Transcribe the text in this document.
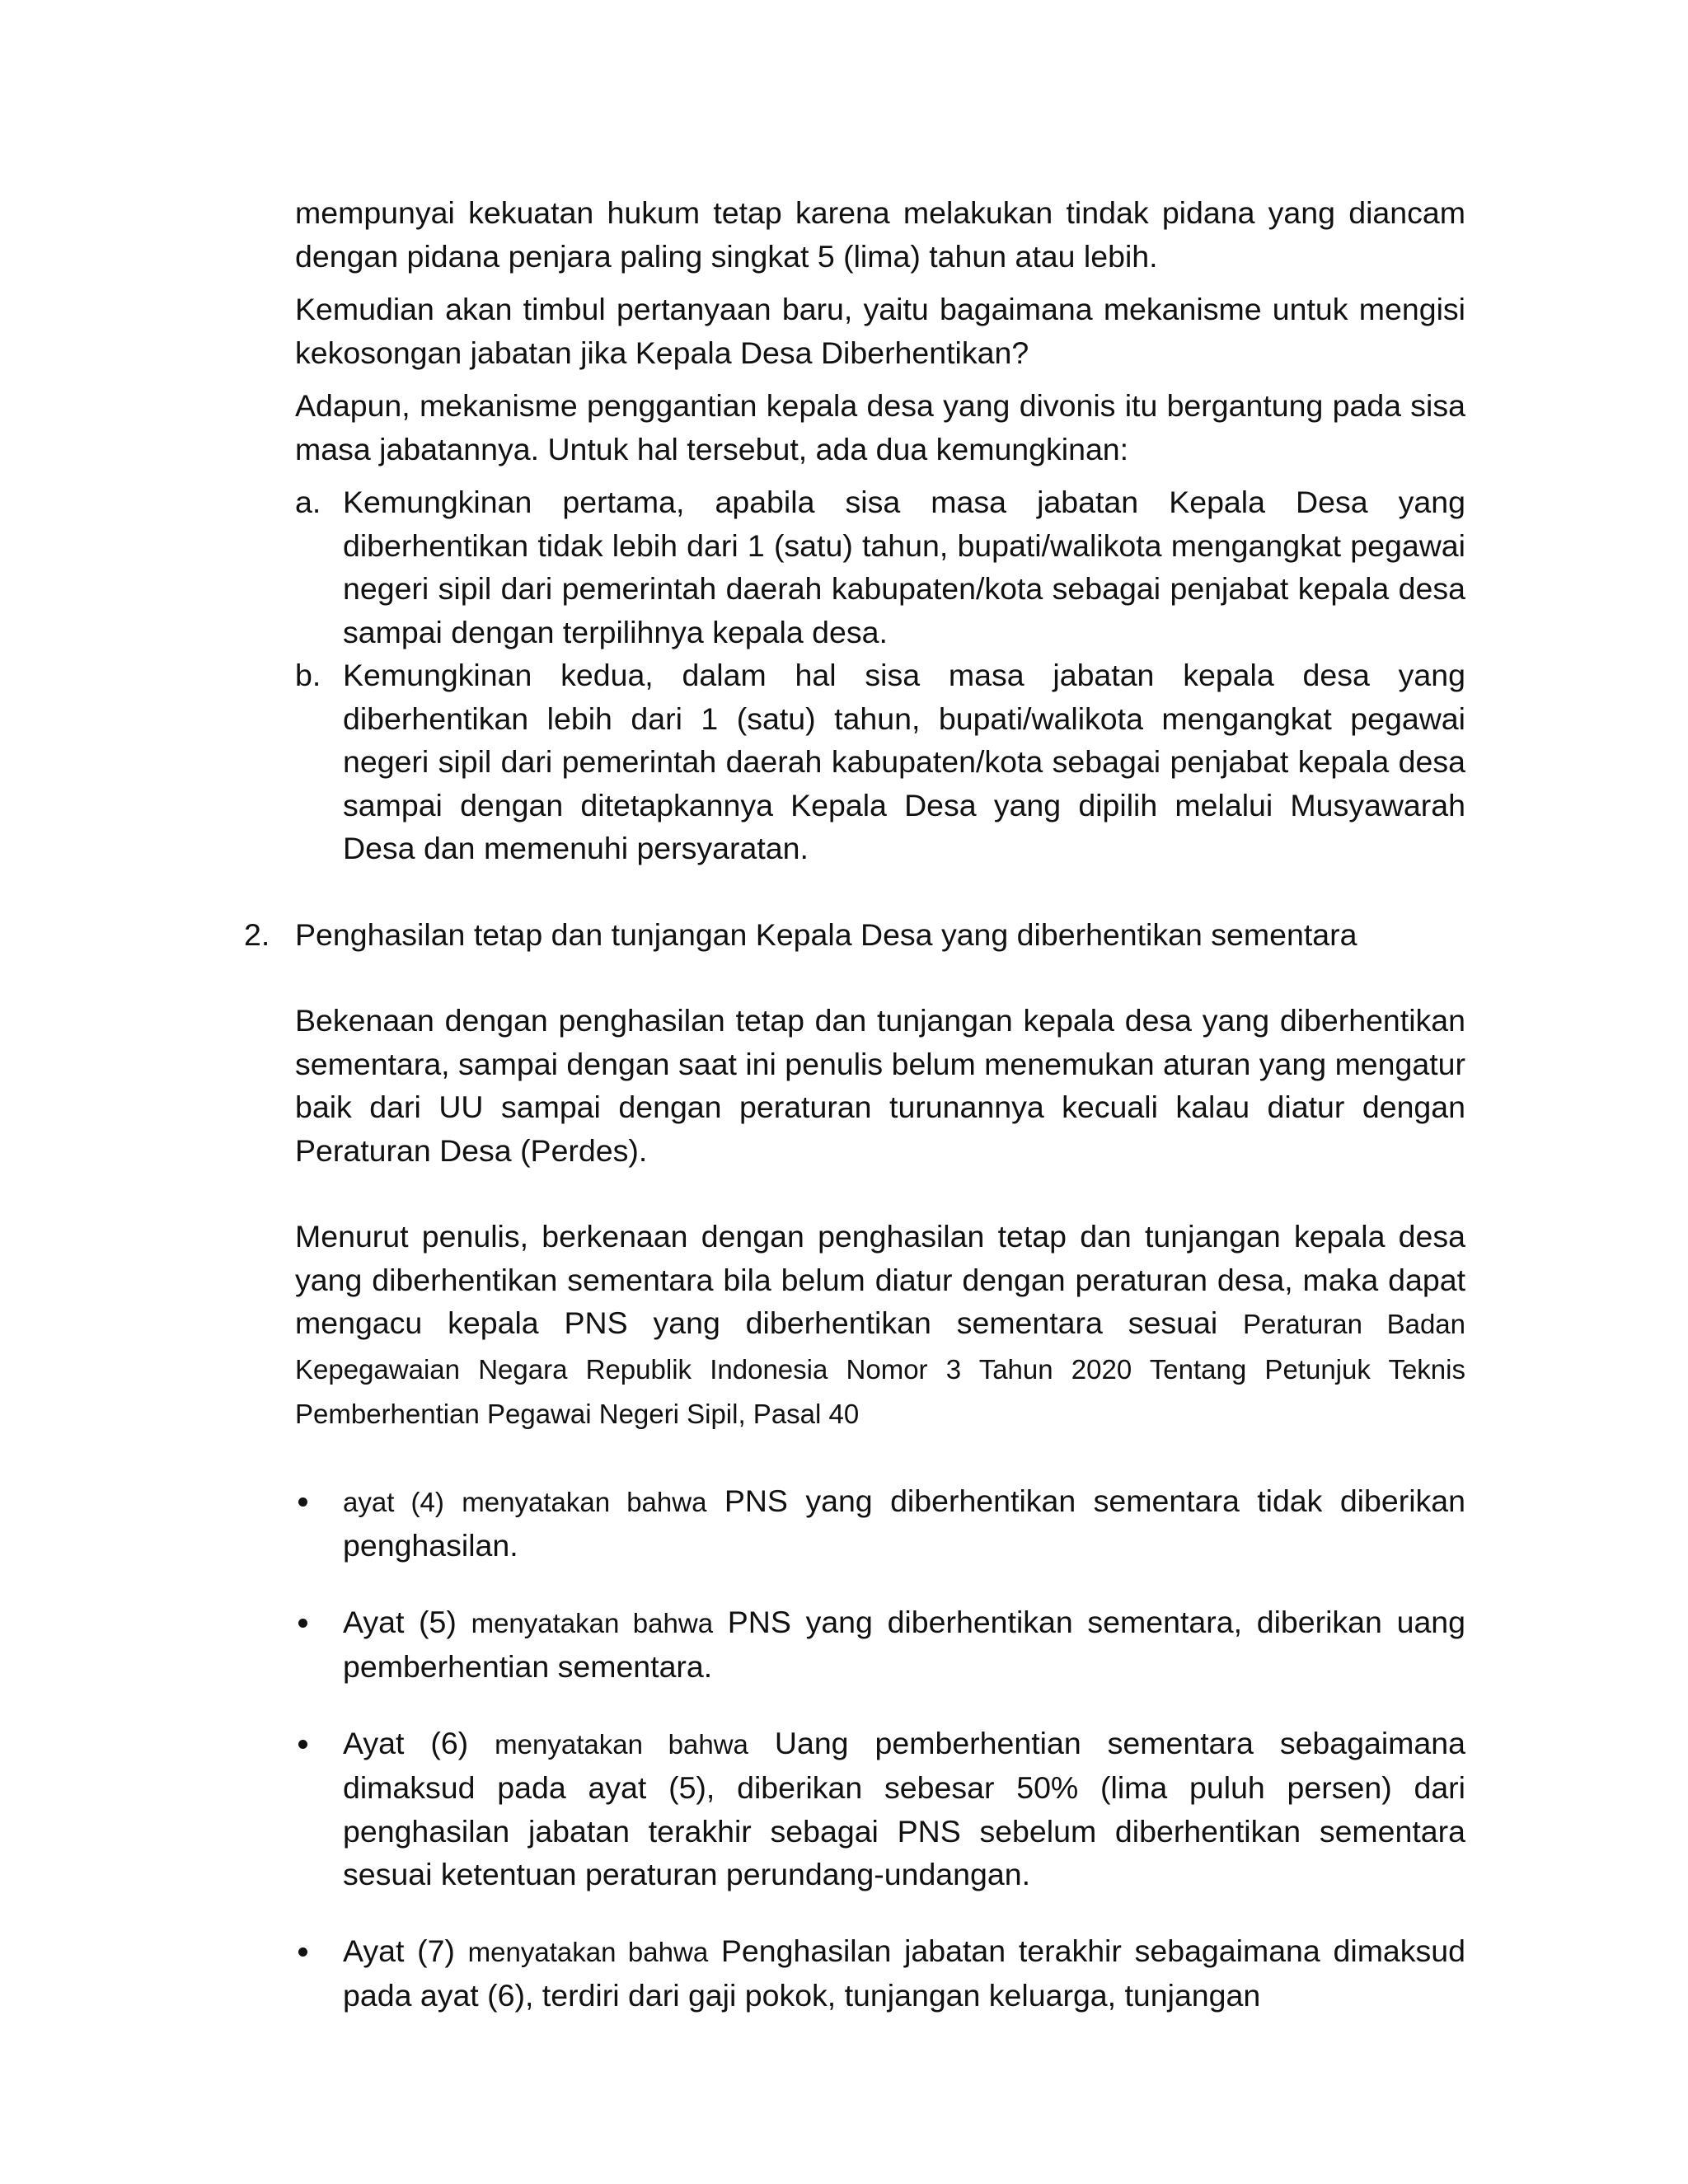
mempunyai kekuatan hukum tetap karena melakukan tindak pidana yang diancam dengan pidana penjara paling singkat 5 (lima) tahun atau lebih.

Kemudian akan timbul pertanyaan baru, yaitu bagaimana mekanisme untuk mengisi kekosongan jabatan jika Kepala Desa Diberhentikan?

Adapun, mekanisme penggantian kepala desa yang divonis itu bergantung pada sisa masa jabatannya. Untuk hal tersebut, ada dua kemungkinan:

a. Kemungkinan pertama, apabila sisa masa jabatan Kepala Desa yang diberhentikan tidak lebih dari 1 (satu) tahun, bupati/walikota mengangkat pegawai negeri sipil dari pemerintah daerah kabupaten/kota sebagai penjabat kepala desa sampai dengan terpilihnya kepala desa.
b. Kemungkinan kedua, dalam hal sisa masa jabatan kepala desa yang diberhentikan lebih dari 1 (satu) tahun, bupati/walikota mengangkat pegawai negeri sipil dari pemerintah daerah kabupaten/kota sebagai penjabat kepala desa sampai dengan ditetapkannya Kepala Desa yang dipilih melalui Musyawarah Desa dan memenuhi persyaratan.
2. Penghasilan tetap dan tunjangan Kepala Desa yang diberhentikan sementara

Bekenaan dengan penghasilan tetap dan tunjangan kepala desa yang diberhentikan sementara, sampai dengan saat ini penulis belum menemukan aturan yang mengatur baik dari UU sampai dengan peraturan turunannya kecuali kalau diatur dengan Peraturan Desa (Perdes).

Menurut penulis, berkenaan dengan penghasilan tetap dan tunjangan kepala desa yang diberhentikan sementara bila belum diatur dengan peraturan desa, maka dapat mengacu kepala PNS yang diberhentikan sementara sesuai Peraturan Badan Kepegawaian Negara Republik Indonesia Nomor 3 Tahun 2020 Tentang Petunjuk Teknis Pemberhentian Pegawai Negeri Sipil, Pasal 40

ayat (4) menyatakan bahwa PNS yang diberhentikan sementara tidak diberikan penghasilan.
Ayat (5) menyatakan bahwa PNS yang diberhentikan sementara, diberikan uang pemberhentian sementara.
Ayat (6) menyatakan bahwa Uang pemberhentian sementara sebagaimana dimaksud pada ayat (5), diberikan sebesar 50% (lima puluh persen) dari penghasilan jabatan terakhir sebagai PNS sebelum diberhentikan sementara sesuai ketentuan peraturan perundang-undangan.
Ayat (7) menyatakan bahwa Penghasilan jabatan terakhir sebagaimana dimaksud pada ayat (6), terdiri dari gaji pokok, tunjangan keluarga, tunjangan
